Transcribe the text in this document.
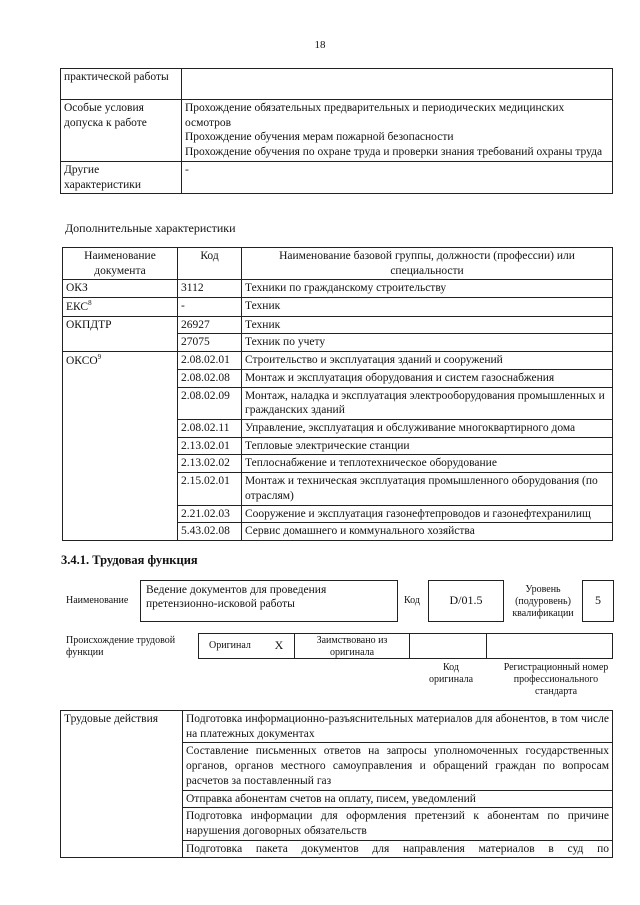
18
практической работы	
Особые условия допуска к работе	Прохождение обязательных предварительных и периодических медицинских осмотров
Прохождение обучения мерам пожарной безопасности
Прохождение обучения по охране труда и проверки знания требований охраны труда

Другие характеристики	-
Дополнительные характеристики
Наименование документа	Код	Наименование базовой группы, должности (профессии) или специальности
ОКЗ	3112	Техники по гражданскому строительству
ЕКС$^8$	-	Техник
ОКПДТР	26927	Техник
	27075	Техник по учету
ОКСО$^9$	2.08.02.01	Строительство и эксплуатация зданий и сооружений
	2.08.02.08	Монтаж и эксплуатация оборудования и систем газоснабжения
	2.08.02.09	Монтаж, наладка и эксплуатация электрооборудования промышленных и гражданских зданий
	2.08.02.11	Управление, эксплуатация и обслуживание многоквартирного дома
	2.13.02.01	Тепловые электрические станции
	2.13.02.02	Теплоснабжение и теплотехническое оборудование
	2.15.02.01	Монтаж и техническая эксплуатация промышленного оборудования (по отраслям)
	2.21.02.03	Сооружение и эксплуатация газонефтепроводов и газонефтехранилищ
	5.43.02.08	Сервис домашнего и коммунального хозяйства
3.4.1. Трудовая функция
Наименование
Ведение документов для проведения претензионно-исковой работы	Код	D/01.5
Уровень (подуровень) квалификации
5
Происхождение трудовой функции
Оригинал	X	Заимствовано из оригинала
Код оригинала
Регистрационный номер профессионального стандарта
Трудовые действия	Подготовка информационно-разъяснительных материалов для абонентов, в том числе на платежных документах
Составление письменных ответов на запросы уполномоченных государственных органов, органов местного самоуправления и обращений граждан по вопросам расчетов за поставленный газ
Отправка абонентам счетов на оплату, писем, уведомлений
Подготовка информации для оформления претензий к абонентам по причине нарушения договорных обязательств
Подготовка пакета документов для направления материалов в суд по
